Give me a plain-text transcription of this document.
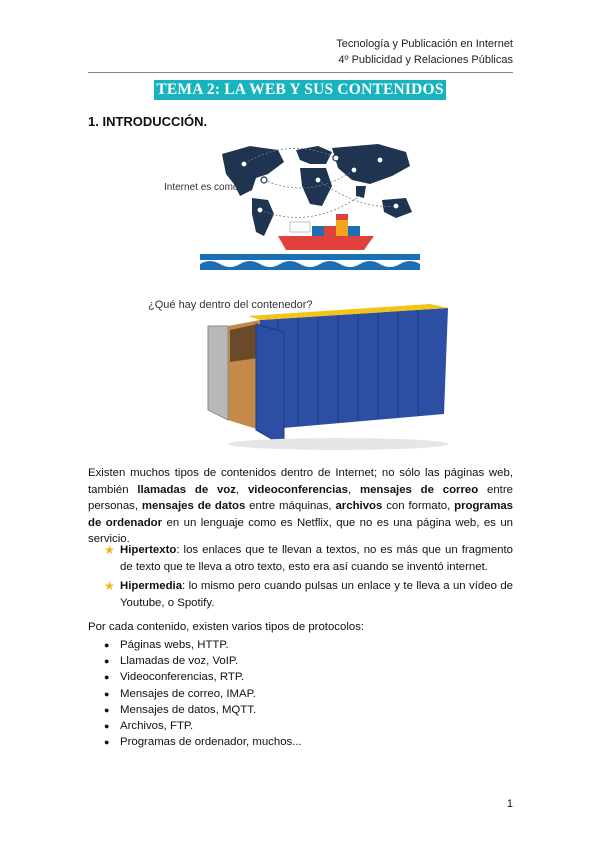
Tecnología y Publicación en Internet
4º Publicidad y Relaciones Públicas
TEMA 2: LA WEB Y SUS CONTENIDOS
1. INTRODUCCIÓN.
Internet es como...
¿Qué hay dentro del contenedor?
Existen muchos tipos de contenidos dentro de Internet; no sólo las páginas web, también llamadas de voz, videoconferencias, mensajes de correo entre personas, mensajes de datos entre máquinas, archivos con formato, programas de ordenador en un lenguaje como es Netflix, que no es una página web, es un servicio.
★ Hipertexto: los enlaces que te llevan a textos, no es más que un fragmento de texto que te lleva a otro texto, esto era así cuando se inventó internet.
★ Hipermedia: lo mismo pero cuando pulsas un enlace y te lleva a un vídeo de Youtube, o Spotify.
Por cada contenido, existen varios tipos de protocolos:
● Páginas webs, HTTP.
● Llamadas de voz, VoIP.
● Videoconferencias, RTP.
● Mensajes de correo, IMAP.
● Mensajes de datos, MQTT.
● Archivos, FTP.
● Programas de ordenador, muchos...
1
